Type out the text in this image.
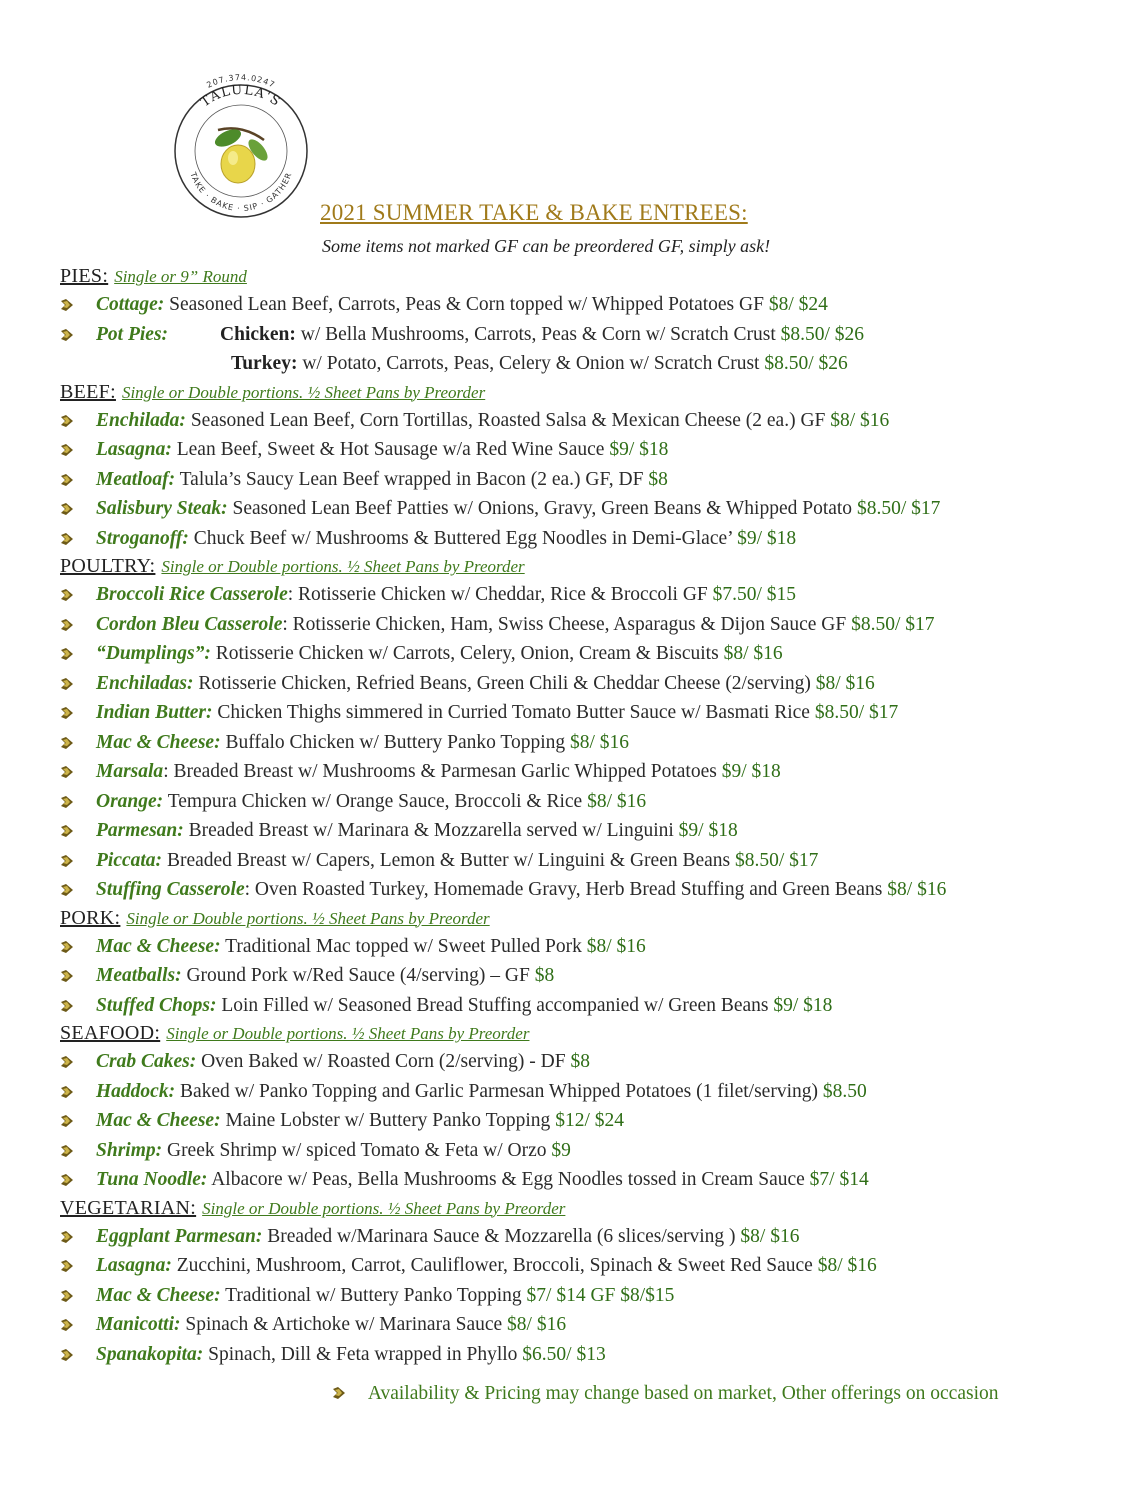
207.374.0247
TALULA'S
TAKE · BAKE · SIP · GATHER
2021 SUMMER TAKE & BAKE ENTREES:
Some items not marked GF can be preordered GF, simply ask!
PIES: Single or 9” Round
Cottage: Seasoned Lean Beef, Carrots, Peas & Corn topped w/ Whipped Potatoes GF $8/ $24
Pot Pies:	Chicken: w/ Bella Mushrooms, Carrots, Peas & Corn w/ Scratch Crust $8.50/ $26
Turkey: w/ Potato, Carrots, Peas, Celery & Onion w/ Scratch Crust $8.50/ $26
BEEF: Single or Double portions. ½ Sheet Pans by Preorder
Enchilada: Seasoned Lean Beef, Corn Tortillas, Roasted Salsa & Mexican Cheese (2 ea.) GF $8/ $16
Lasagna: Lean Beef, Sweet & Hot Sausage w/a Red Wine Sauce $9/ $18
Meatloaf: Talula’s Saucy Lean Beef wrapped in Bacon (2 ea.) GF, DF $8
Salisbury Steak: Seasoned Lean Beef Patties w/ Onions, Gravy, Green Beans & Whipped Potato $8.50/ $17
Stroganoff: Chuck Beef w/ Mushrooms & Buttered Egg Noodles in Demi-Glace’ $9/ $18
POULTRY: Single or Double portions. ½ Sheet Pans by Preorder
Broccoli Rice Casserole: Rotisserie Chicken w/ Cheddar, Rice & Broccoli GF $7.50/ $15
Cordon Bleu Casserole: Rotisserie Chicken, Ham, Swiss Cheese, Asparagus & Dijon Sauce GF $8.50/ $17
“Dumplings”: Rotisserie Chicken w/ Carrots, Celery, Onion, Cream & Biscuits $8/ $16
Enchiladas: Rotisserie Chicken, Refried Beans, Green Chili & Cheddar Cheese (2/serving) $8/ $16
Indian Butter: Chicken Thighs simmered in Curried Tomato Butter Sauce w/ Basmati Rice $8.50/ $17
Mac & Cheese: Buffalo Chicken w/ Buttery Panko Topping $8/ $16
Marsala: Breaded Breast w/ Mushrooms & Parmesan Garlic Whipped Potatoes $9/ $18
Orange: Tempura Chicken w/ Orange Sauce, Broccoli & Rice $8/ $16
Parmesan: Breaded Breast w/ Marinara & Mozzarella served w/ Linguini $9/ $18
Piccata: Breaded Breast w/ Capers, Lemon & Butter w/ Linguini & Green Beans $8.50/ $17
Stuffing Casserole: Oven Roasted Turkey, Homemade Gravy, Herb Bread Stuffing and Green Beans $8/ $16
PORK: Single or Double portions. ½ Sheet Pans by Preorder
Mac & Cheese: Traditional Mac topped w/ Sweet Pulled Pork $8/ $16
Meatballs: Ground Pork w/Red Sauce (4/serving) – GF $8
Stuffed Chops: Loin Filled w/ Seasoned Bread Stuffing accompanied w/ Green Beans $9/ $18
SEAFOOD: Single or Double portions. ½ Sheet Pans by Preorder
Crab Cakes: Oven Baked w/ Roasted Corn (2/serving) - DF $8
Haddock: Baked w/ Panko Topping and Garlic Parmesan Whipped Potatoes (1 filet/serving) $8.50
Mac & Cheese: Maine Lobster w/ Buttery Panko Topping $12/ $24
Shrimp: Greek Shrimp w/ spiced Tomato & Feta w/ Orzo $9
Tuna Noodle: Albacore w/ Peas, Bella Mushrooms & Egg Noodles tossed in Cream Sauce $7/ $14
VEGETARIAN: Single or Double portions. ½ Sheet Pans by Preorder
Eggplant Parmesan: Breaded w/Marinara Sauce & Mozzarella (6 slices/serving ) $8/ $16
Lasagna: Zucchini, Mushroom, Carrot, Cauliflower, Broccoli, Spinach & Sweet Red Sauce $8/ $16
Mac & Cheese: Traditional w/ Buttery Panko Topping $7/ $14 GF $8/$15
Manicotti: Spinach & Artichoke w/ Marinara Sauce $8/ $16
Spanakopita: Spinach, Dill & Feta wrapped in Phyllo $6.50/ $13
Availability & Pricing may change based on market, Other offerings on occasion
